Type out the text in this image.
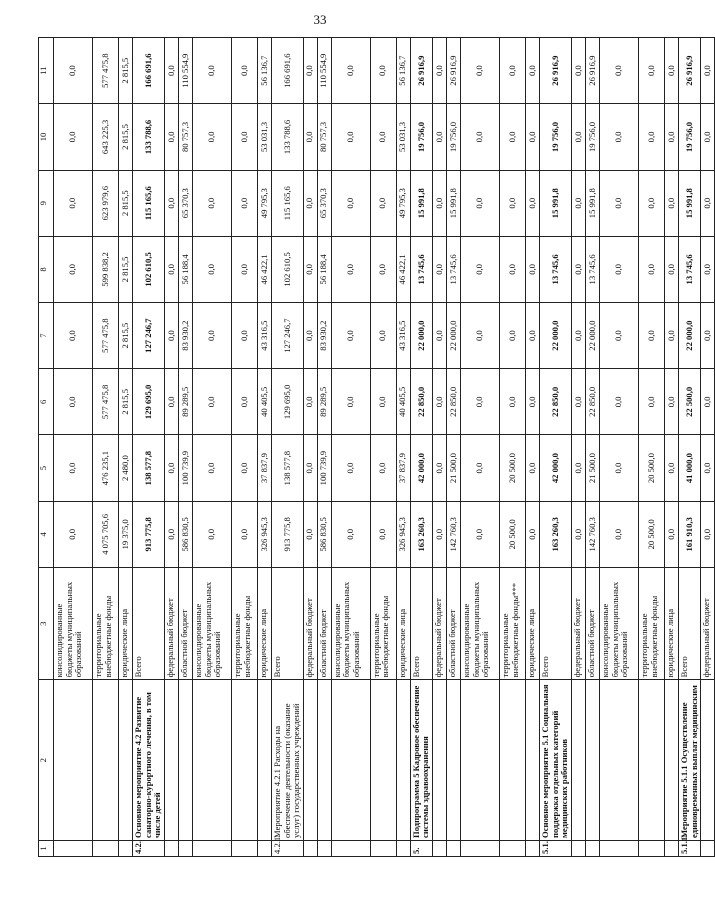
33
1	2	3	4	5	6	7	8	9	10	11
		консолидированные бюджеты муниципальных образований	0,0	0,0	0,0	0,0	0,0	0,0	0,0	0,0
		территориальные внебюджетные фонды	4 075 705,6	476 235,1	577 475,8	577 475,8	599 838,2	623 979,6	643 225,3	577 475,8
		юридические лица	19 375,0	2 480,0	2 815,5	2 815,5	2 815,5	2 815,5	2 815,5	2 815,5
4.2.	Основное мероприятие 4.2 Развитие санаторно-курортного лечения, в том числе детей	Всего	913 775,8	138 577,8	129 695,0	127 246,7	102 610,5	115 165,6	133 788,6	166 691,6
		федеральный бюджет	0,0	0,0	0,0	0,0	0,0	0,0	0,0	0,0
		областной бюджет	586 830,5	100 739,9	89 289,5	83 930,2	56 188,4	65 370,3	80 757,3	110 554,9
		консолидированные бюджеты муниципальных образований	0,0	0,0	0,0	0,0	0,0	0,0	0,0	0,0
		территориальные внебюджетные фонды	0,0	0,0	0,0	0,0	0,0	0,0	0,0	0,0
		юридические лица	326 945,3	37 837,9	40 405,5	43 316,5	46 422,1	49 795,3	53 031,3	56 136,7
4.2.1.	Мероприятие 4.2.1 Расходы на обеспечение деятельности (оказание услуг) государственных учреждений	Всего	913 775,8	138 577,8	129 695,0	127 246,7	102 610,5	115 165,6	133 788,6	166 691,6
		федеральный бюджет	0,0	0,0	0,0	0,0	0,0	0,0	0,0	0,0
		областной бюджет	586 830,5	100 739,9	89 289,5	83 930,2	56 188,4	65 370,3	80 757,3	110 554,9
		консолидированные бюджеты муниципальных образований	0,0	0,0	0,0	0,0	0,0	0,0	0,0	0,0
		территориальные внебюджетные фонды	0,0	0,0	0,0	0,0	0,0	0,0	0,0	0,0
		юридические лица	326 945,3	37 837,9	40 405,5	43 316,5	46 422,1	49 795,3	53 031,3	56 136,7
5.	Подпрограмма 5 Кадровое обеспечение системы здравоохранения	Всего	163 260,3	42 000,0	22 850,0	22 000,0	13 745,6	15 991,8	19 756,0	26 916,9
		федеральный бюджет	0,0	0,0	0,0	0,0	0,0	0,0	0,0	0,0
		областной бюджет	142 760,3	21 500,0	22 850,0	22 000,0	13 745,6	15 991,8	19 756,0	26 916,9
		консолидированные бюджеты муниципальных образований	0,0	0,0	0,0	0,0	0,0	0,0	0,0	0,0
		территориальные внебюджетные фонды***	20 500,0	20 500,0	0,0	0,0	0,0	0,0	0,0	0,0
		юридические лица	0,0	0,0	0,0	0,0	0,0	0,0	0,0	0,0
5.1.	Основное мероприятие 5.1 Социальная поддержка отдельных категорий медицинских работников	Всего	163 260,3	42 000,0	22 850,0	22 000,0	13 745,6	15 991,8	19 756,0	26 916,9
		федеральный бюджет	0,0	0,0	0,0	0,0	0,0	0,0	0,0	0,0
		областной бюджет	142 760,3	21 500,0	22 850,0	22 000,0	13 745,6	15 991,8	19 756,0	26 916,9
		консолидированные бюджеты муниципальных образований	0,0	0,0	0,0	0,0	0,0	0,0	0,0	0,0
		территориальные внебюджетные фонды	20 500,0	20 500,0	0,0	0,0	0,0	0,0	0,0	0,0
		юридические лица	0,0	0,0	0,0	0,0	0,0	0,0	0,0	0,0
5.1.1.	Мероприятие 5.1.1 Осуществление единовременных выплат медицинским	Всего	161 910,3	41 000,0	22 500,0	22 000,0	13 745,6	15 991,8	19 756,0	26 916,9
		федеральный бюджет	0,0	0,0	0,0	0,0	0,0	0,0	0,0	0,0
